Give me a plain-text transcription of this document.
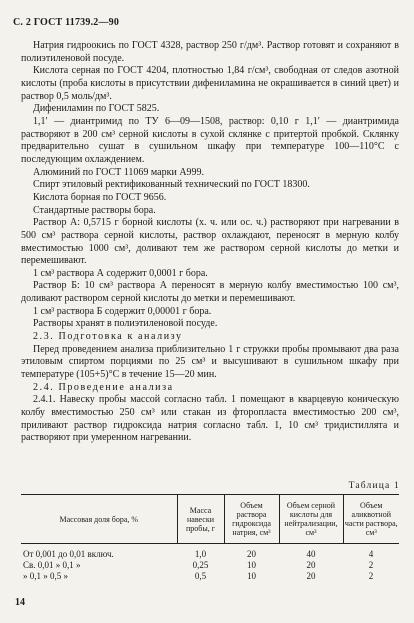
С. 2 ГОСТ 11739.2—90

Натрия гидроокись по ГОСТ 4328, раствор 250 г/дм³. Раствор готовят и сохраняют в полиэтиленовой посуде.

Кислота серная по ГОСТ 4204, плотностью 1,84 г/см³, свободная от следов азотной кислоты (проба кислоты в присутствии дифениламина не окрашивается в синий цвет) и раствор 0,5 моль/дм³.

Дифениламин по ГОСТ 5825.

1,1′ — диантримид по ТУ 6—09—1508, раствор: 0,10 г 1,1′ — диантримида растворяют в 200 см³ серной кислоты в сухой склянке с притертой пробкой. Склянку предварительно сушат в сушильном шкафу при температуре 100—110°С с последующим охлаждением.

Алюминий по ГОСТ 11069 марки А999.

Спирт этиловый ректификованный технический по ГОСТ 18300.

Кислота борная по ГОСТ 9656.

Стандартные растворы бора.

Раствор А: 0,5715 г борной кислоты (х. ч. или ос. ч.) растворяют при нагревании в 500 см³ раствора серной кислоты, раствор охлаждают, переносят в мерную колбу вместимостью 1000 см³, доливают тем же раствором серной кислоты до метки и перемешивают.

1 см³ раствора А содержит 0,0001 г бора.

Раствор Б: 10 см³ раствора А переносят в мерную колбу вместимостью 100 см³, доливают раствором серной кислоты до метки и перемешивают.

1 см³ раствора Б содержит 0,00001 г бора.

Растворы хранят в полиэтиленовой посуде.

2.3. Подготовка к анализу

Перед проведением анализа приблизительно 1 г стружки пробы промывают два раза этиловым спиртом порциями по 25 см³ и высушивают в сушильном шкафу при температуре (105+5)°С в течение 15—20 мин.

2.4. Проведение анализа

2.4.1. Навеску пробы массой согласно табл. 1 помещают в кварцевую коническую колбу вместимостью 250 см³ или стакан из фторопласта вместимостью 200 см³, приливают раствор гидроксида натрия согласно табл. 1, 10 см³ тридистиллята и растворяют при умеренном нагревании.

Таблица 1
Массовая доля бора, %	Масса навески пробы, г	Объем раствора гидроксида натрия, см³	Объем серной кислоты для нейтрализации, см³	Объем аликвотной части раствора, см³

От 0,001 до 0,01 включ.	1,0	20	40	4
Св. 0,01 » 0,1 »	0,25	10	20	2
» 0,1 » 0,5 »	0,5	10	20	2
14
